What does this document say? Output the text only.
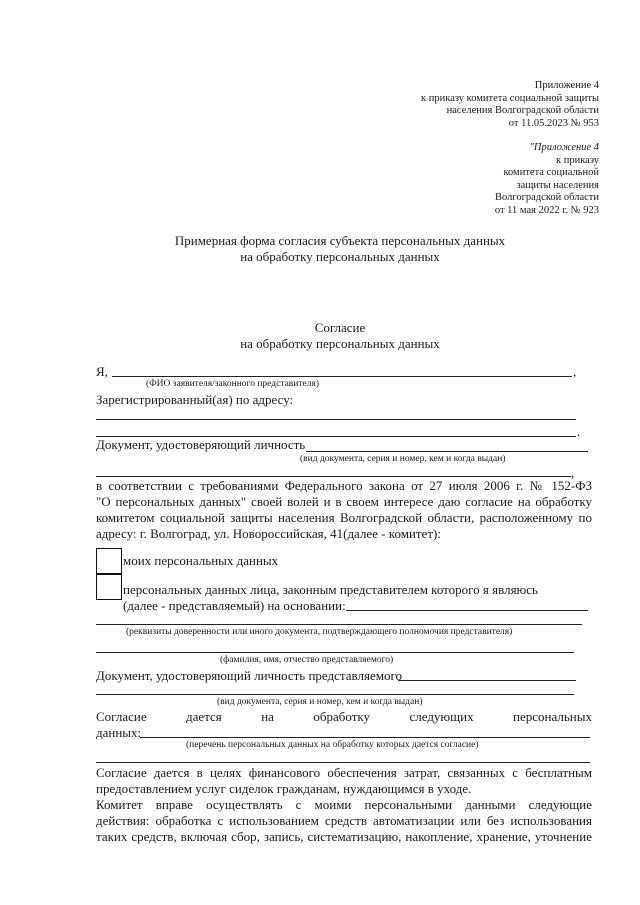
Приложение 4
к приказу комитета социальной защиты
населения Волгоградской области
от 11.05.2023 № 953
"Приложение 4
к приказу
комитета социальной
защиты населения
Волгоградской области
от 11 мая 2022 г. № 923
Примерная форма согласия субъекта персональных данных
на обработку персональных данных
Согласие
на обработку персональных данных
Я,	,
(ФИО заявителя/законного представителя)
Зарегистрированный(ая) по адресу:
.
Документ, удостоверяющий личность
(вид документа, серия и номер, кем и когда выдан)
,
в соответствии с требованиями Федерального закона от 27 июля 2006 г. № 152-ФЗ
"О персональных данных" своей волей и в своем интересе даю согласие на обработку
комитетом социальной защиты населения Волгоградской области, расположенному по
адресу: г. Волгоград, ул. Новороссийская, 41(далее - комитет):
моих персональных данных
персональных данных лица, законным представителем которого я являюсь
(далее - представляемый) на основании:
(реквизиты доверенности или иного документа, подтверждающего полномочия представителя)
(фамилия, имя, отчество представляемого)
Документ, удостоверяющий личность представляемого
(вид документа, серия и номер, кем и когда выдан)
Согласие дается на обработку следующих персональных
данных:
(перечень персональных данных на обработку которых дается согласие)
Согласие дается в целях финансового обеспечения затрат, связанных с бесплатным
предоставлением услуг сиделок гражданам, нуждающимся в уходе.
Комитет вправе осуществлять с моими персональными данными следующие
действия: обработка с использованием средств автоматизации или без использования
таких средств, включая сбор, запись, систематизацию, накопление, хранение, уточнение
